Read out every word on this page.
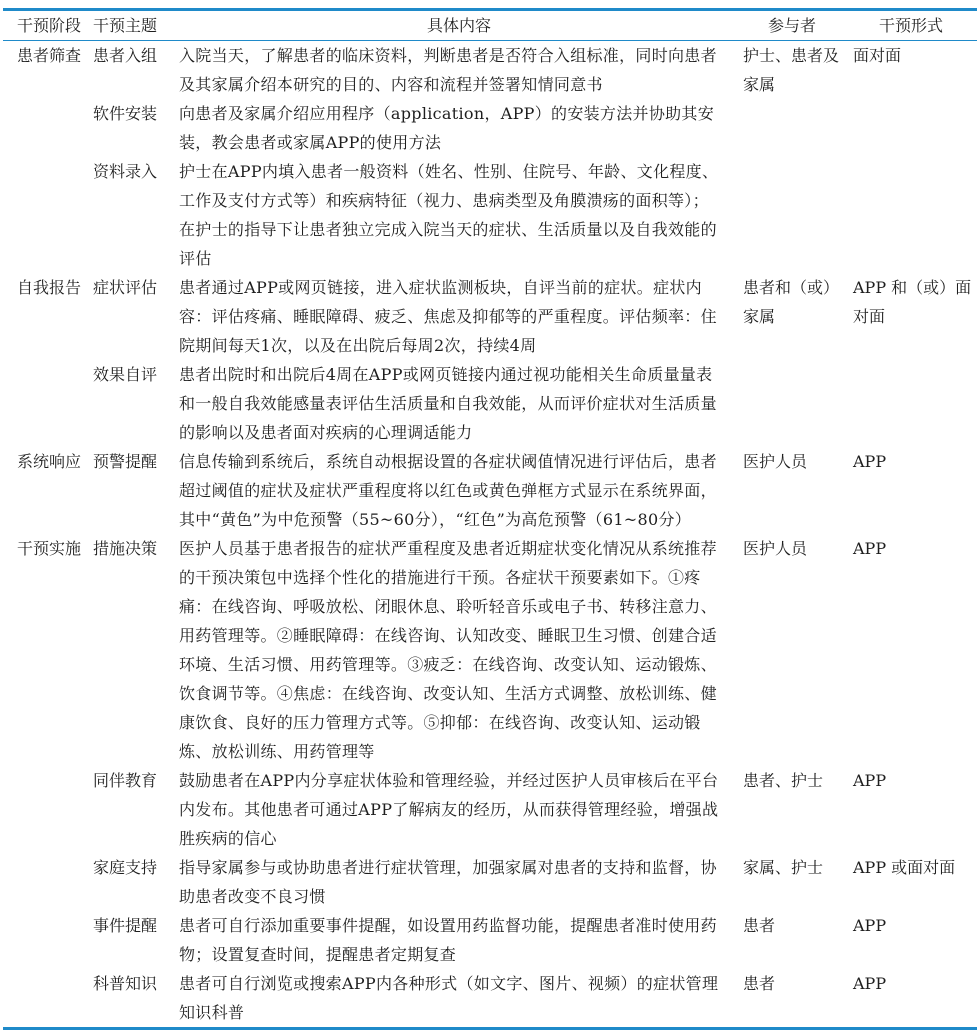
干预阶段	干预主题	具体内容	参与者	干预形式
患者筛查	患者入组	入院当天，了解患者的临床资料，判断患者是否符合入组标准，同时向患者及其家属介绍本研究的目的、内容和流程并签署知情同意书	护士、患者及家属	面对面
	软件安装	向患者及家属介绍应用程序（application，APP）的安装方法并协助其安装，教会患者或家属APP的使用方法		
	资料录入	护士在APP内填入患者一般资料（姓名、性别、住院号、年龄、文化程度、工作及支付方式等）和疾病特征（视力、患病类型及角膜溃疡的面积等）；在护士的指导下让患者独立完成入院当天的症状、生活质量以及自我效能的评估		
自我报告	症状评估	患者通过APP或网页链接，进入症状监测板块，自评当前的症状。症状内容：评估疼痛、睡眠障碍、疲乏、焦虑及抑郁等的严重程度。评估频率：住院期间每天1次，以及在出院后每周2次，持续4周	患者和（或）家属	APP 和（或）面对面
	效果自评	患者出院时和出院后4周在APP或网页链接内通过视功能相关生命质量量表和一般自我效能感量表评估生活质量和自我效能，从而评价症状对生活质量的影响以及患者面对疾病的心理调适能力		
系统响应	预警提醒	信息传输到系统后，系统自动根据设置的各症状阈值情况进行评估后，患者超过阈值的症状及症状严重程度将以红色或黄色弹框方式显示在系统界面，其中“黄色”为中危预警（55~60分），“红色”为高危预警（61~80分）	医护人员	APP
干预实施	措施决策	医护人员基于患者报告的症状严重程度及患者近期症状变化情况从系统推荐的干预决策包中选择个性化的措施进行干预。各症状干预要素如下。①疼痛：在线咨询、呼吸放松、闭眼休息、聆听轻音乐或电子书、转移注意力、用药管理等。②睡眠障碍：在线咨询、认知改变、睡眠卫生习惯、创建合适环境、生活习惯、用药管理等。③疲乏：在线咨询、改变认知、运动锻炼、饮食调节等。④焦虑：在线咨询、改变认知、生活方式调整、放松训练、健康饮食、良好的压力管理方式等。⑤抑郁：在线咨询、改变认知、运动锻炼、放松训练、用药管理等	医护人员	APP
	同伴教育	鼓励患者在APP内分享症状体验和管理经验，并经过医护人员审核后在平台内发布。其他患者可通过APP了解病友的经历，从而获得管理经验，增强战胜疾病的信心	患者、护士	APP
	家庭支持	指导家属参与或协助患者进行症状管理，加强家属对患者的支持和监督，协助患者改变不良习惯	家属、护士	APP 或面对面
	事件提醒	患者可自行添加重要事件提醒，如设置用药监督功能，提醒患者准时使用药物；设置复查时间，提醒患者定期复查	患者	APP
	科普知识	患者可自行浏览或搜索APP内各种形式（如文字、图片、视频）的症状管理知识科普	患者	APP
